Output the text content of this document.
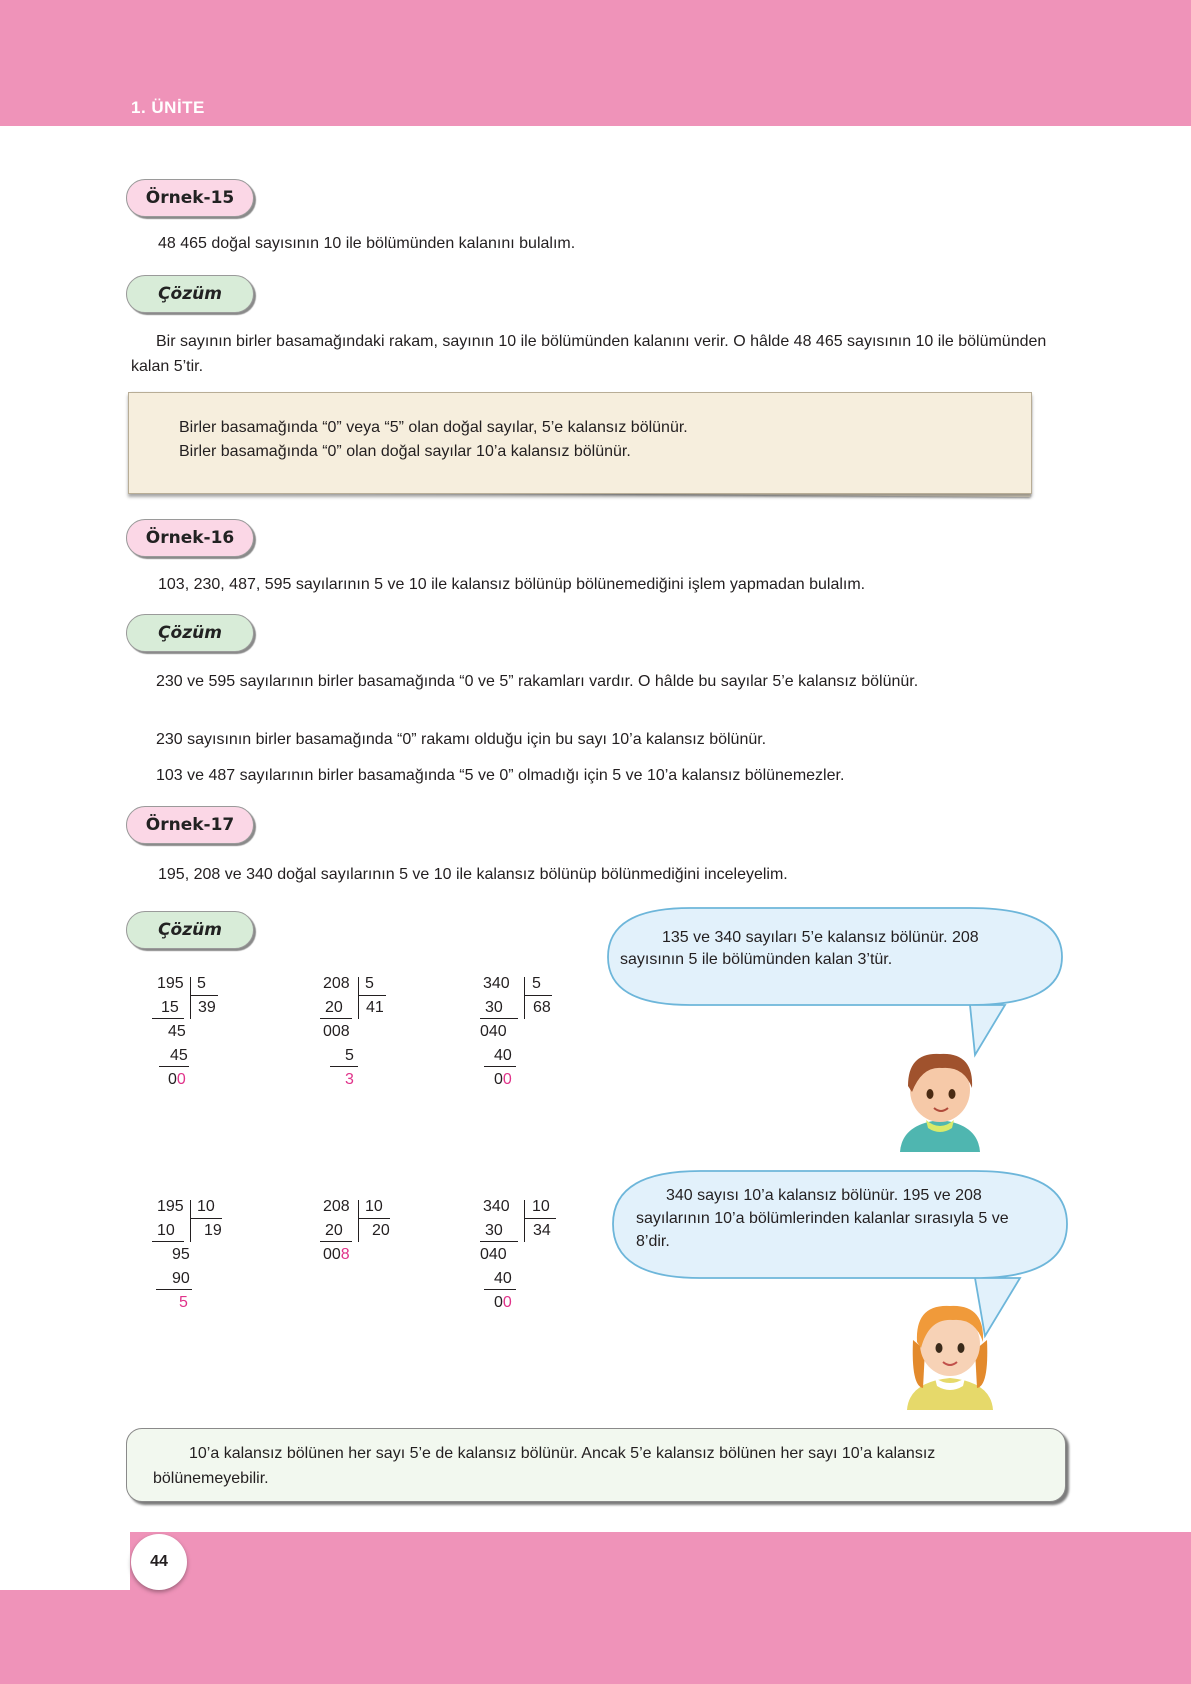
1. ÜNİTE
Örnek-15
48 465 doğal sayısının 10 ile bölümünden kalanını bulalım.
Çözüm
Bir sayının birler basamağındaki rakam, sayının 10 ile bölümünden kalanını verir. O hâlde 48 465 sayısının 10 ile bölümünden kalan 5’tir.
Birler basamağında “0” veya “5” olan doğal sayılar, 5’e kalansız bölünür.
Birler basamağında “0” olan doğal sayılar 10’a kalansız bölünür.
Örnek-16
103, 230, 487, 595 sayılarının 5 ve 10 ile kalansız bölünüp bölünemediğini işlem yapmadan bulalım.
Çözüm
230 ve 595 sayılarının birler basamağında “0 ve 5” rakamları vardır. O hâlde bu sayılar 5’e kalansız bölünür.
230 sayısının birler basamağında “0” rakamı olduğu için bu sayı 10’a kalansız bölünür.
103 ve 487 sayılarının birler basamağında “5 ve 0” olmadığı için 5 ve 10’a kalansız bölünemezler.
Örnek-17
195, 208 ve 340 doğal sayılarının 5 ve 10 ile kalansız bölünüp bölünmediğini inceleyelim.
Çözüm
195 5
39
15
45
45
00
208 5
41
20
008
5
3
340 5
68
30
040
40
00
195 10
19
10
95
90
5
208 10
20
20
008
340 10
34
30
040
40
00
135 ve 340 sayıları 5’e kalansız bölünür. 208 sayısının 5 ile bölümünden kalan 3’tür.
340 sayısı 10’a kalansız bölünür. 195 ve 208 sayılarının 10’a bölümlerinden kalanlar sırasıyla 5 ve 8’dir.
10’a kalansız bölünen her sayı 5’e de kalansız bölünür. Ancak 5’e kalansız bölünen her sayı 10’a kalansız bölünemeyebilir.
44
